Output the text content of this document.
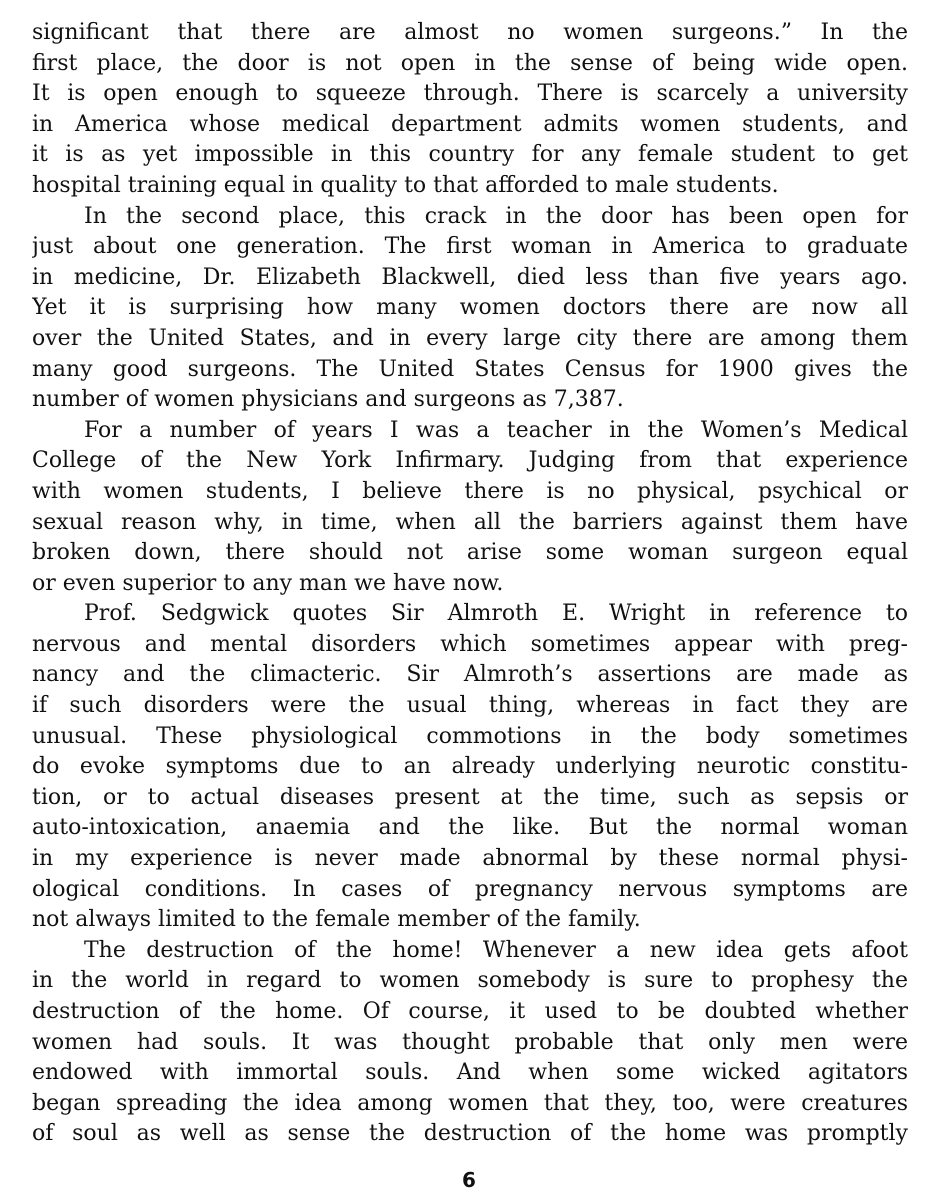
significant that there are almost no women surgeons.” In the
first place, the door is not open in the sense of being wide open.
It is open enough to squeeze through. There is scarcely a university
in America whose medical department admits women students, and
it is as yet impossible in this country for any female student to get
hospital training equal in quality to that afforded to male students.
In the second place, this crack in the door has been open for
just about one generation. The first woman in America to graduate
in medicine, Dr. Elizabeth Blackwell, died less than five years ago.
Yet it is surprising how many women doctors there are now all
over the United States, and in every large city there are among them
many good surgeons. The United States Census for 1900 gives the
number of women physicians and surgeons as 7,387.
For a number of years I was a teacher in the Women’s Medical
College of the New York Infirmary. Judging from that experience
with women students, I believe there is no physical, psychical or
sexual reason why, in time, when all the barriers against them have
broken down, there should not arise some woman surgeon equal
or even superior to any man we have now.
Prof. Sedgwick quotes Sir Almroth E. Wright in reference to
nervous and mental disorders which sometimes appear with preg-
nancy and the climacteric. Sir Almroth’s assertions are made as
if such disorders were the usual thing, whereas in fact they are
unusual. These physiological commotions in the body sometimes
do evoke symptoms due to an already underlying neurotic constitu-
tion, or to actual diseases present at the time, such as sepsis or
auto-intoxication, anaemia and the like. But the normal woman
in my experience is never made abnormal by these normal physi-
ological conditions. In cases of pregnancy nervous symptoms are
not always limited to the female member of the family.
The destruction of the home! Whenever a new idea gets afoot
in the world in regard to women somebody is sure to prophesy the
destruction of the home. Of course, it used to be doubted whether
women had souls. It was thought probable that only men were
endowed with immortal souls. And when some wicked agitators
began spreading the idea among women that they, too, were creatures
of soul as well as sense the destruction of the home was promptly
6
